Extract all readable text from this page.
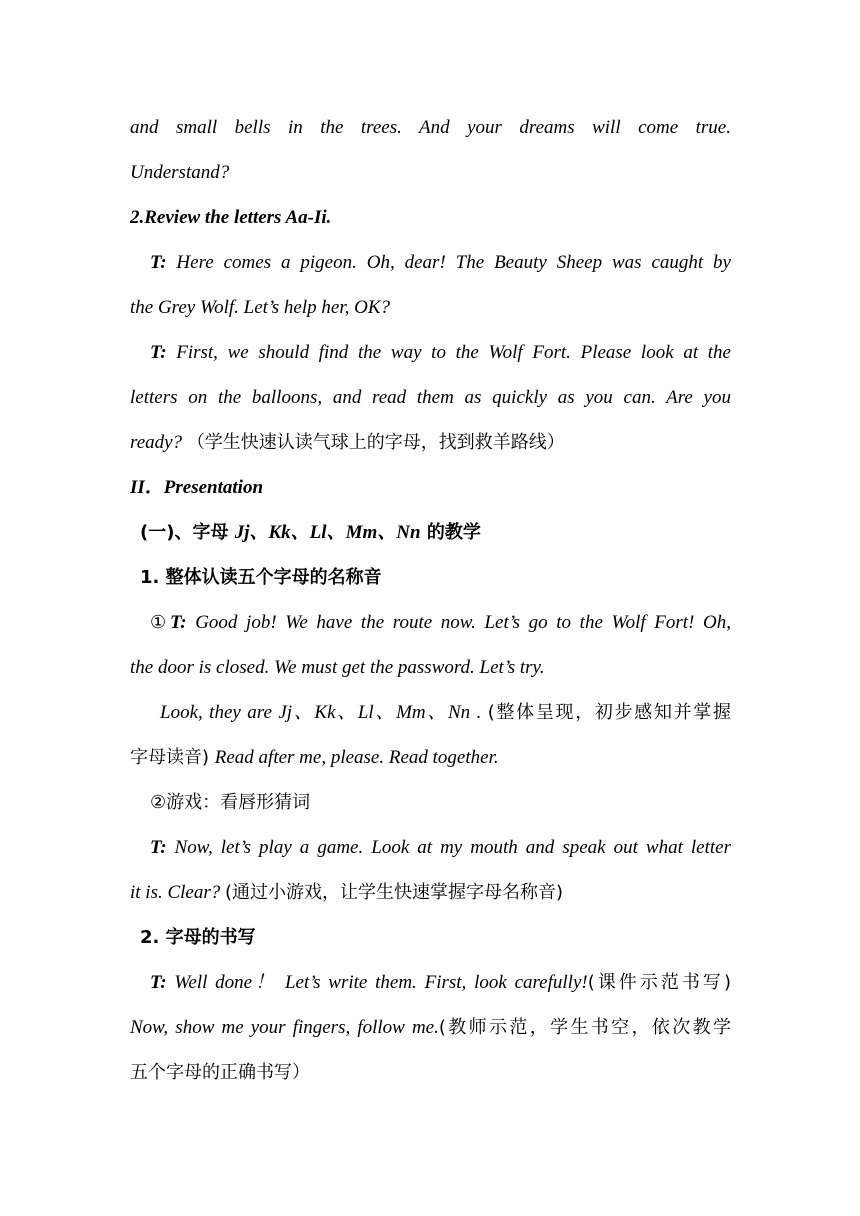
and small bells in the trees. And your dreams will come true.

Understand?

2.Review the letters Aa-Ii.

T: Here comes a pigeon. Oh, dear! The Beauty Sheep was caught by

the Grey Wolf. Let’s help her, OK?

T: First, we should find the way to the Wolf Fort. Please look at the

letters on the balloons, and read them as quickly as you can. Are you

ready? （学生快速认读气球上的字母，找到救羊路线）

II．Presentation

(一)、字母 Jj、Kk、Ll、Mm、Nn 的教学

1. 整体认读五个字母的名称音

①T: Good job! We have the route now. Let’s go to the Wolf Fort! Oh,

the door is closed. We must get the password. Let’s try.

Look, they are Jj、Kk、Ll、Mm、Nn . (整体呈现，初步感知并掌握

字母读音) Read after me, please. Read together.

②游戏：看唇形猜词

T: Now, let’s play a game. Look at my mouth and speak out what letter

it is. Clear? (通过小游戏，让学生快速掌握字母名称音)

2. 字母的书写

T: Well done！ Let’s write them. First, look carefully!(课件示范书写)

Now, show me your fingers, follow me.(教师示范，学生书空，依次教学

五个字母的正确书写）
